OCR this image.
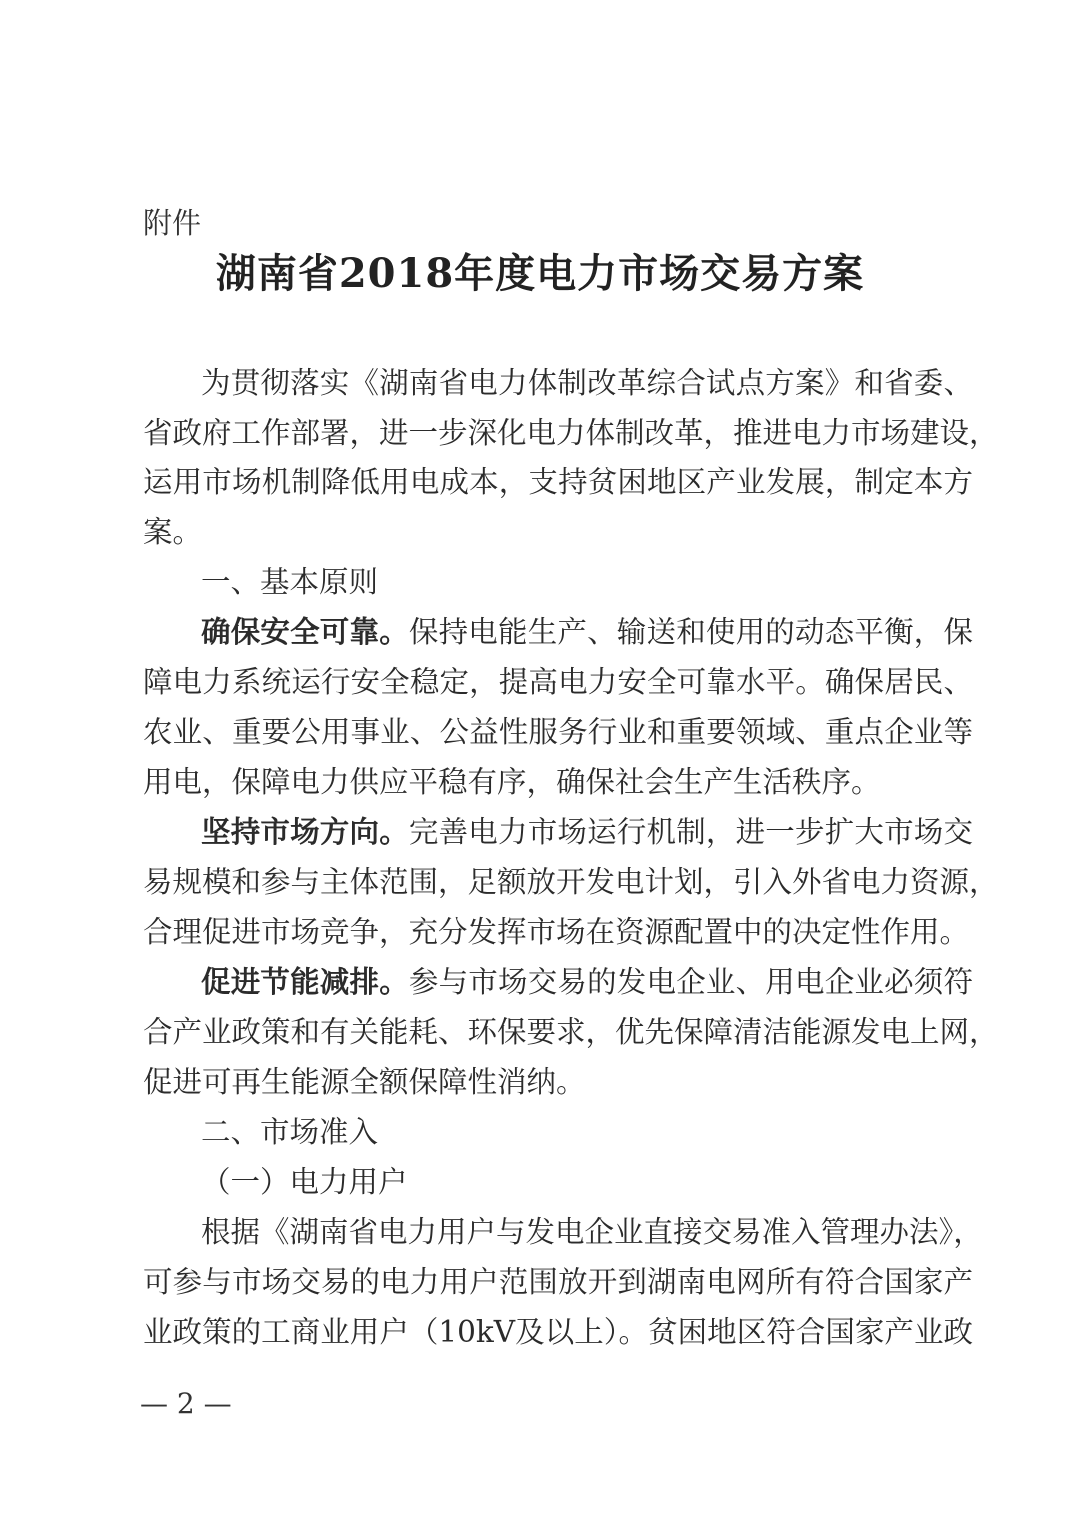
附件
湖南省2018年度电力市场交易方案
为贯彻落实《湖南省电力体制改革综合试点方案》和省委、
省政府工作部署，进一步深化电力体制改革，推进电力市场建设，
运用市场机制降低用电成本，支持贫困地区产业发展，制定本方
案。
一、基本原则
确保安全可靠。保持电能生产、输送和使用的动态平衡，保
障电力系统运行安全稳定，提高电力安全可靠水平。确保居民、
农业、重要公用事业、公益性服务行业和重要领域、重点企业等
用电，保障电力供应平稳有序，确保社会生产生活秩序。
坚持市场方向。完善电力市场运行机制，进一步扩大市场交
易规模和参与主体范围，足额放开发电计划，引入外省电力资源，
合理促进市场竞争，充分发挥市场在资源配置中的决定性作用。
促进节能减排。参与市场交易的发电企业、用电企业必须符
合产业政策和有关能耗、环保要求，优先保障清洁能源发电上网，
促进可再生能源全额保障性消纳。
二、市场准入
（一）电力用户
根据《湖南省电力用户与发电企业直接交易准入管理办法》，
可参与市场交易的电力用户范围放开到湖南电网所有符合国家产
业政策的工商业用户（10kV及以上）。贫困地区符合国家产业政
— 2 —
